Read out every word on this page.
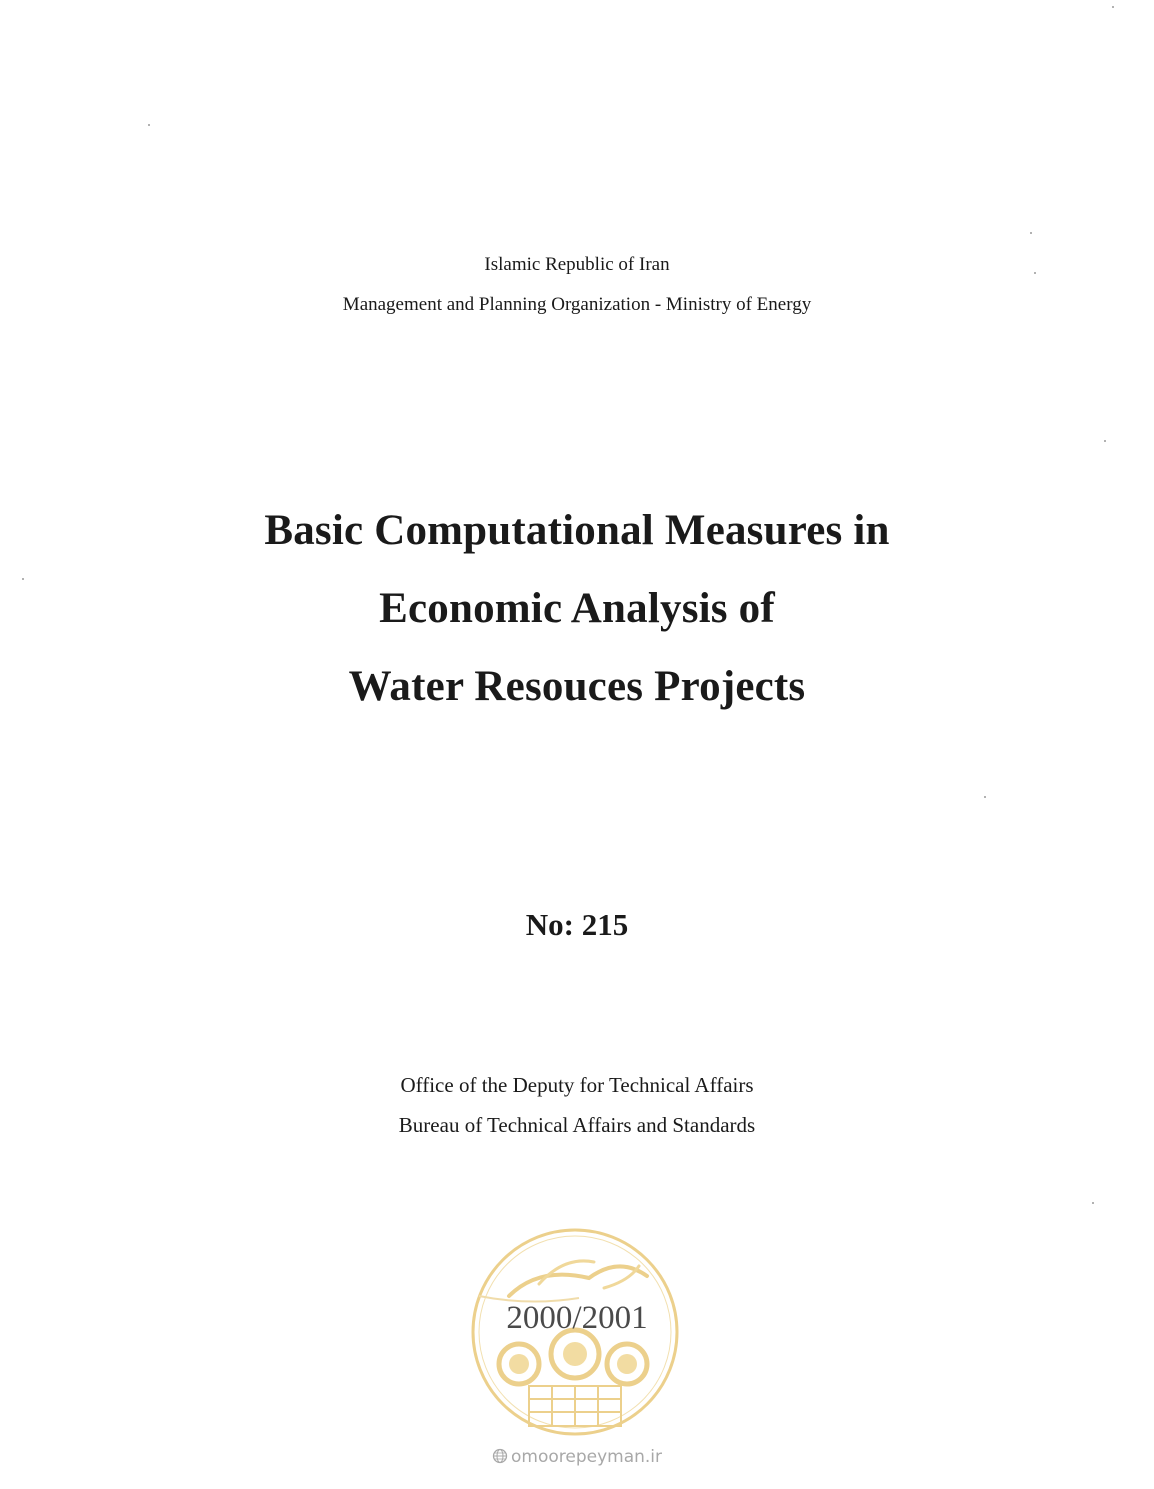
Islamic Republic of Iran
Management and Planning Organization - Ministry of Energy
Basic Computational Measures in
Economic Analysis of
Water Resouces Projects
No: 215
Office of the Deputy for Technical Affairs
Bureau of Technical Affairs and Standards
2000/2001
omoorepeyman.ir
